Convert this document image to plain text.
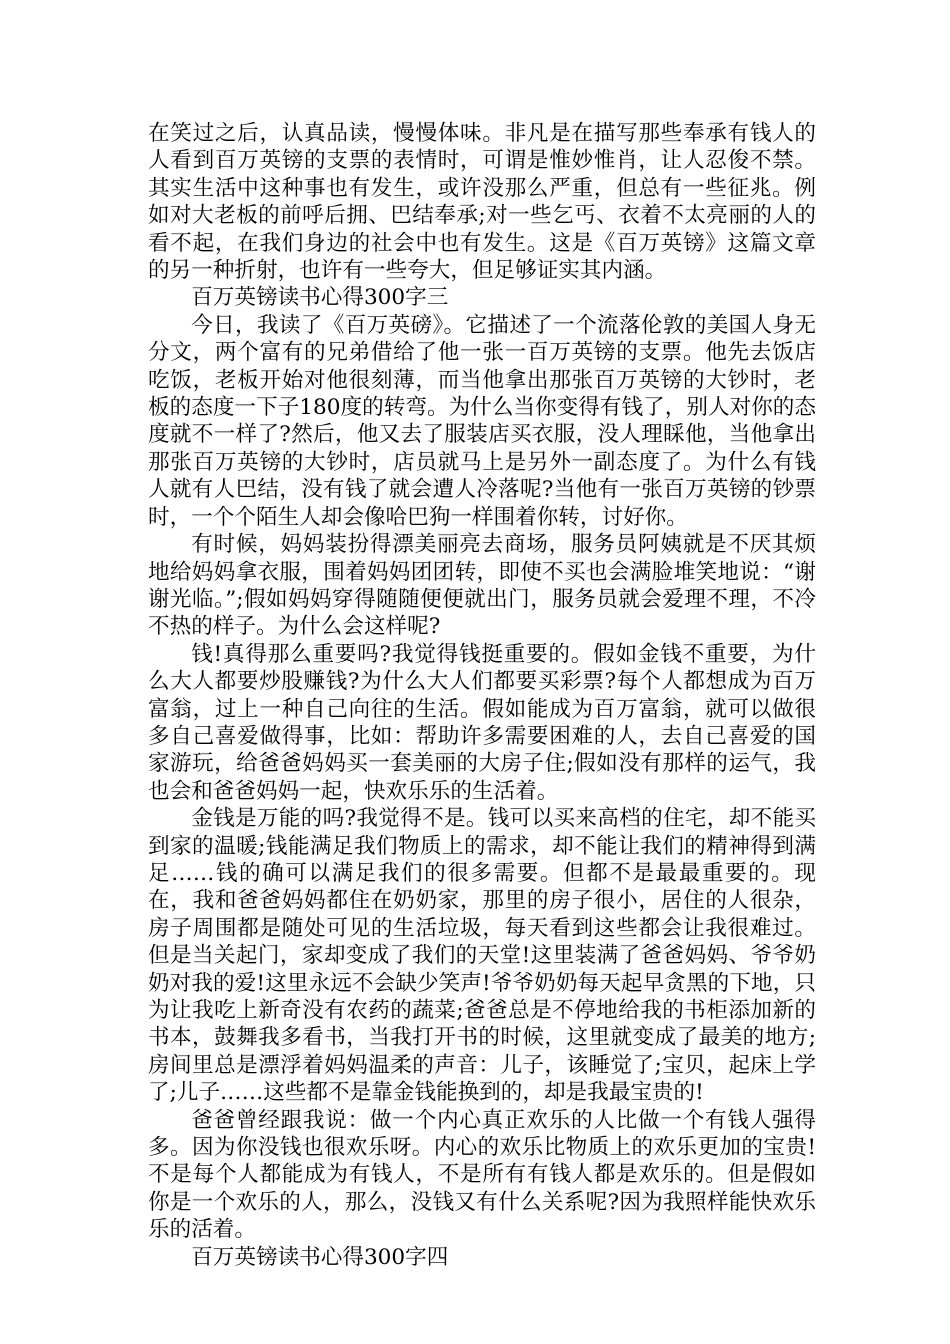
在笑过之后，认真品读，慢慢体味。非凡是在描写那些奉承有钱人的人看到百万英镑的支票的表情时，可谓是惟妙惟肖，让人忍俊不禁。其实生活中这种事也有发生，或许没那么严重，但总有一些征兆。例如对大老板的前呼后拥、巴结奉承;对一些乞丐、衣着不太亮丽的人的看不起，在我们身边的社会中也有发生。这是《百万英镑》这篇文章的另一种折射，也许有一些夸大，但足够证实其内涵。

百万英镑读书心得300字三

今日，我读了《百万英磅》。它描述了一个流落伦敦的美国人身无分文，两个富有的兄弟借给了他一张一百万英镑的支票。他先去饭店吃饭，老板开始对他很刻薄，而当他拿出那张百万英镑的大钞时，老板的态度一下子180度的转弯。为什么当你变得有钱了，别人对你的态度就不一样了?然后，他又去了服装店买衣服，没人理睬他，当他拿出那张百万英镑的大钞时，店员就马上是另外一副态度了。为什么有钱人就有人巴结，没有钱了就会遭人冷落呢?当他有一张百万英镑的钞票时，一个个陌生人却会像哈巴狗一样围着你转，讨好你。

有时候，妈妈装扮得漂美丽亮去商场，服务员阿姨就是不厌其烦地给妈妈拿衣服，围着妈妈团团转，即使不买也会满脸堆笑地说：“谢谢光临。”;假如妈妈穿得随随便便就出门，服务员就会爱理不理，不冷不热的样子。为什么会这样呢?

钱!真得那么重要吗?我觉得钱挺重要的。假如金钱不重要，为什么大人都要炒股赚钱?为什么大人们都要买彩票?每个人都想成为百万富翁，过上一种自己向往的生活。假如能成为百万富翁，就可以做很多自己喜爱做得事，比如：帮助许多需要困难的人，去自己喜爱的国家游玩，给爸爸妈妈买一套美丽的大房子住;假如没有那样的运气，我也会和爸爸妈妈一起，快欢乐乐的生活着。

金钱是万能的吗?我觉得不是。钱可以买来高档的住宅，却不能买到家的温暖;钱能满足我们物质上的需求，却不能让我们的精神得到满足……钱的确可以满足我们的很多需要。但都不是最最重要的。现在，我和爸爸妈妈都住在奶奶家，那里的房子很小，居住的人很杂，房子周围都是随处可见的生活垃圾，每天看到这些都会让我很难过。但是当关起门，家却变成了我们的天堂!这里装满了爸爸妈妈、爷爷奶奶对我的爱!这里永远不会缺少笑声!爷爷奶奶每天起早贪黑的下地，只为让我吃上新奇没有农药的蔬菜;爸爸总是不停地给我的书柜添加新的书本，鼓舞我多看书，当我打开书的时候，这里就变成了最美的地方;房间里总是漂浮着妈妈温柔的声音：儿子，该睡觉了;宝贝，起床上学了;儿子……这些都不是靠金钱能换到的，却是我最宝贵的!

爸爸曾经跟我说：做一个内心真正欢乐的人比做一个有钱人强得多。因为你没钱也很欢乐呀。内心的欢乐比物质上的欢乐更加的宝贵!不是每个人都能成为有钱人，不是所有有钱人都是欢乐的。但是假如你是一个欢乐的人，那么，没钱又有什么关系呢?因为我照样能快欢乐乐的活着。

百万英镑读书心得300字四
